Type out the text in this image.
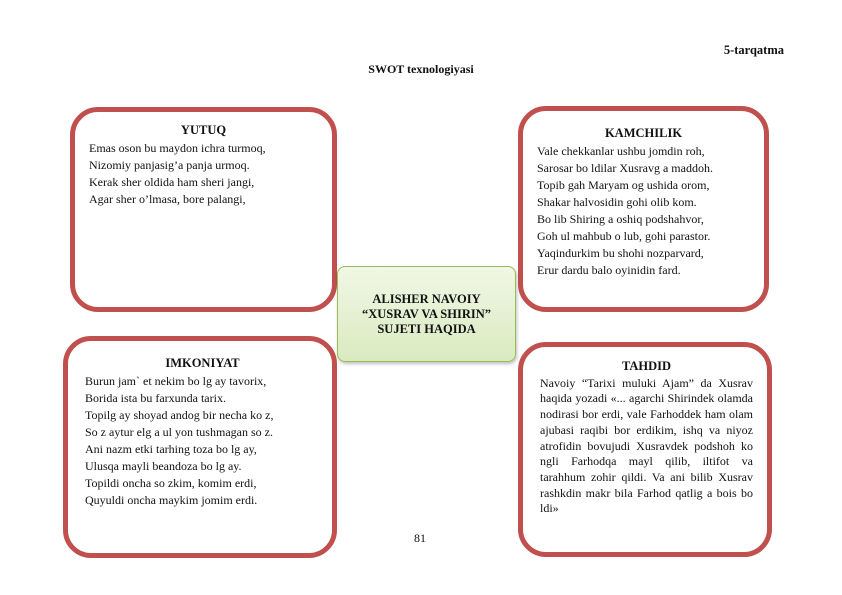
5-tarqatma
SWOT texnologiyasi
YUTUQ
Emas oson bu maydon ichra turmoq,
Nizomiy panjasig’a panja urmoq.
Kerak sher oldida ham sheri jangi,
Agar sher o’lmasa, bore palangi,
KAMCHILIK
Vale chekkanlar ushbu jomdin roh,
Sarosar bo ldilar Xusravg a maddoh.
Topib gah Maryam og ushida orom,
Shakar halvosidin gohi olib kom.
Bo lib Shiring a oshiq podshahvor,
Goh ul mahbub o lub, gohi parastor.
Yaqindurkim bu shohi nozparvard,
Erur dardu balo oyinidin fard.
ALISHER NAVOIY
“XUSRAV VA SHIRIN”
SUJETI HAQIDA
IMKONIYAT
Burun jam` et nekim bo lg ay tavorix,
Borida ista bu farxunda tarix.
Topilg ay shoyad andog bir necha ko z,
So z aytur elg a ul yon tushmagan so z.
Ani nazm etki tarhing toza bo lg ay,
Ulusqa mayli beandoza bo lg ay.
Topildi oncha so zkim, komim erdi,
Quyuldi oncha maykim jomim erdi.
TAHDID
Navoiy “Tarixi muluki Ajam” da Xusrav haqida yozadi «... agarchi Shirindek olamda nodirasi bor erdi, vale Farhoddek ham olam ajubasi raqibi bor erdikim, ishq va niyoz atrofidin bovujudi Xusravdek podshoh ko ngli Farhodqa mayl qilib, iltifot va tarahhum zohir qildi. Va ani bilib Xusrav rashkdin makr bila Farhod qatlig a bois bo ldi»
81
